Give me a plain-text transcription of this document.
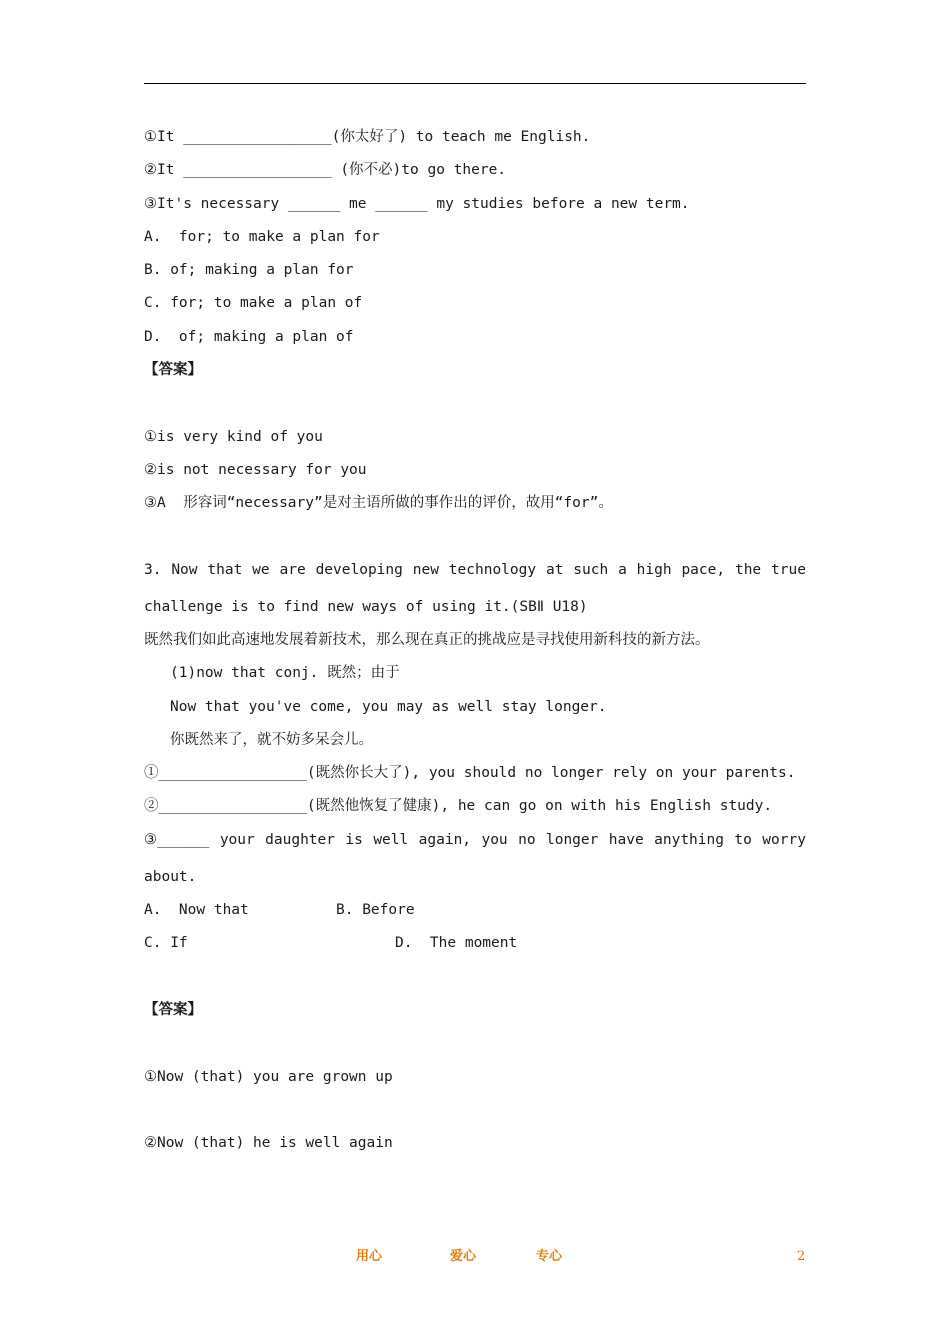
①It _________________(你太好了) to teach me English.
②It _________________ (你不必)to go there.
③It's necessary ______ me ______ my studies before a new term.
A.  for; to make a plan for
B. of; making a plan for
C. for; to make a plan of
D.  of; making a plan of
【答案】
①is very kind of you
②is not necessary for you
③A  形容词“necessary”是对主语所做的事作出的评价，故用“for”。
3. Now that we are developing new technology at such a high pace, the true
challenge is to find new ways of using it.(SBⅡ U18)
既然我们如此高速地发展着新技术，那么现在真正的挑战应是寻找使用新科技的新方法。
(1)now that conj. 既然；由于
Now that you've come, you may as well stay longer.
你既然来了，就不妨多呆会儿。
①_________________(既然你长大了), you should no longer rely on your parents.
②_________________(既然他恢复了健康), he can go on with his English study.
③______ your daughter is well again, you no longer have anything to worry
about.
A.  Now that	B. Before
C. If	D.  The moment
【答案】
①Now (that) you are grown up
②Now (that) he is well again
用心	爱心	专心	2
